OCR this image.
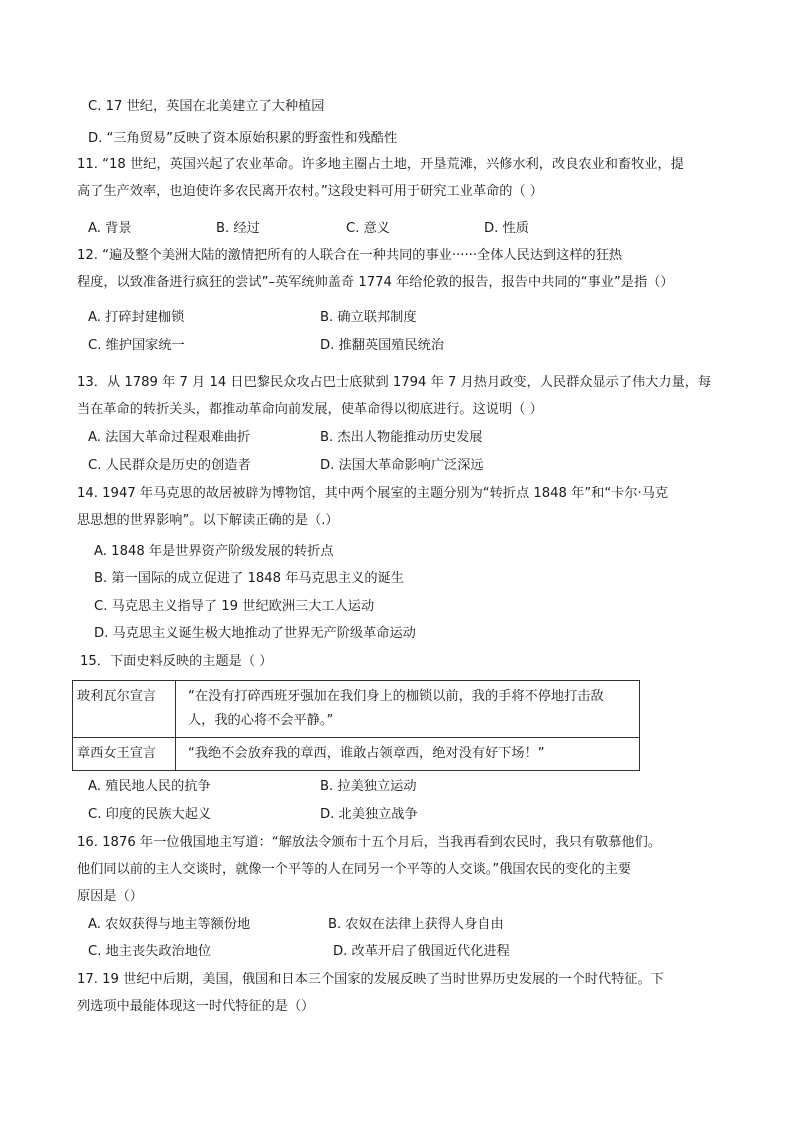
C. 17 世纪，英国在北美建立了大种植园
D. “三角贸易”反映了资本原始积累的野蛮性和残酷性
11. “18 世纪，英国兴起了农业革命。许多地主圈占土地，开垦荒滩，兴修水利，改良农业和畜牧业，提
高了生产效率，也迫使许多农民离开农村。”这段史料可用于研究工业革命的（ ）
A. 背景	B. 经过	C. 意义	D. 性质
12. “遍及整个美洲大陆的激情把所有的人联合在一种共同的事业······全体人民达到这样的狂热
程度，以致准备进行疯狂的尝试”–英军统帅盖奇 1774 年给伦敦的报告，报告中共同的“事业”是指（）
A. 打碎封建枷锁	B. 确立联邦制度
C. 维护国家统一	D. 推翻英国殖民统治
13．从 1789 年 7 月 14 日巴黎民众攻占巴士底狱到 1794 年 7 月热月政变，人民群众显示了伟大力量，每
当在革命的转折关头，都推动革命向前发展，使革命得以彻底进行。这说明（ ）
A. 法国大革命过程艰难曲折	B. 杰出人物能推动历史发展
C. 人民群众是历史的创造者	D. 法国大革命影响广泛深远
14. 1947 年马克思的故居被辟为博物馆，其中两个展室的主题分别为“转折点 1848 年”和“卡尔·马克
思思想的世界影响”。以下解读正确的是（.）
A. 1848 年是世界资产阶级发展的转折点
B. 第一国际的成立促进了 1848 年马克思主义的诞生
C. 马克思主义指导了 19 世纪欧洲三大工人运动
D. 马克思主义诞生极大地推动了世界无产阶级革命运动
15．下面史料反映的主题是（ ）
玻利瓦尔宣言	“在没有打碎西班牙强加在我们身上的枷锁以前，我的手将不停地打击敌
人，我的心将不会平静。”

章西女王宣言	“我绝不会放弃我的章西，谁敢占领章西，绝对没有好下场！”
A. 殖民地人民的抗争	B. 拉美独立运动
C. 印度的民族大起义	D. 北美独立战争
16. 1876 年一位俄国地主写道：“解放法令颁布十五个月后，当我再看到农民时，我只有敬慕他们。
他们同以前的主人交谈时，就像一个平等的人在同另一个平等的人交谈。”俄国农民的变化的主要
原因是（）
A. 农奴获得与地主等额份地	B. 农奴在法律上获得人身自由
C. 地主丧失政治地位	D. 改革开启了俄国近代化进程
17. 19 世纪中后期，美国，俄国和日本三个国家的发展反映了当时世界历史发展的一个时代特征。下
列选项中最能体现这一时代特征的是（）
